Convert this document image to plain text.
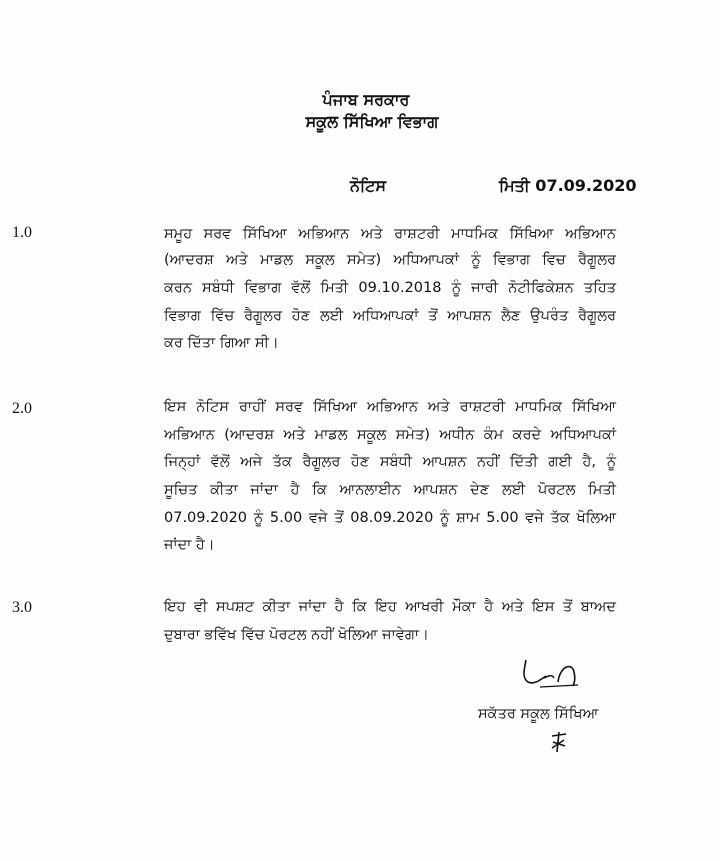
ਪੰਜਾਬ ਸਰਕਾਰ
ਸਕੂਲ ਸਿੱਖਿਆ ਵਿਭਾਗ
ਨੋਟਿਸ	ਮਿਤੀ 07.09.2020
1.0	ਸਮੂਹ ਸਰਵ ਸਿੱਖਿਆ ਅਭਿਆਨ ਅਤੇ ਰਾਸ਼ਟਰੀ ਮਾਧਮਿਕ ਸਿੱਖਿਆ ਅਭਿਆਨ
(ਆਦਰਸ਼ ਅਤੇ ਮਾਡਲ ਸਕੂਲ ਸਮੇਤ) ਅਧਿਆਪਕਾਂ ਨੂੰ ਵਿਭਾਗ ਵਿਚ ਰੈਗੂਲਰ
ਕਰਨ ਸਬੰਧੀ ਵਿਭਾਗ ਵੱਲੋਂ ਮਿਤੀ 09.10.2018 ਨੂੰ ਜਾਰੀ ਨੋਟੀਫਿਕੇਸ਼ਨ ਤਹਿਤ
ਵਿਭਾਗ ਵਿੱਚ ਰੈਗੂਲਰ ਹੋਣ ਲਈ ਅਧਿਆਪਕਾਂ ਤੋਂ ਆਪਸ਼ਨ ਲੈਣ ਉਪਰੰਤ ਰੈਗੂਲਰ
ਕਰ ਦਿੱਤਾ ਗਿਆ ਸੀ।
2.0	ਇਸ ਨੋਟਿਸ ਰਾਹੀਂ ਸਰਵ ਸਿੱਖਿਆ ਅਭਿਆਨ ਅਤੇ ਰਾਸ਼ਟਰੀ ਮਾਧਮਿਕ ਸਿੱਖਿਆ
ਅਭਿਆਨ (ਆਦਰਸ਼ ਅਤੇ ਮਾਡਲ ਸਕੂਲ ਸਮੇਤ) ਅਧੀਨ ਕੰਮ ਕਰਦੇ ਅਧਿਆਪਕਾਂ
ਜਿਨ੍ਹਾਂ ਵੱਲੋਂ ਅਜੇ ਤੱਕ ਰੈਗੂਲਰ ਹੋਣ ਸਬੰਧੀ ਆਪਸ਼ਨ ਨਹੀਂ ਦਿੱਤੀ ਗਈ ਹੈ, ਨੂੰ
ਸੂਚਿਤ ਕੀਤਾ ਜਾਂਦਾ ਹੈ ਕਿ ਆਨਲਾਈਨ ਆਪਸ਼ਨ ਦੇਣ ਲਈ ਪੋਰਟਲ ਮਿਤੀ
07.09.2020 ਨੂੰ 5.00 ਵਜੇ ਤੋਂ 08.09.2020 ਨੂੰ ਸ਼ਾਮ 5.00 ਵਜੇ ਤੱਕ ਖੋਲਿਆ
ਜਾਂਦਾ ਹੈ।
3.0	ਇਹ ਵੀ ਸਪਸ਼ਟ ਕੀਤਾ ਜਾਂਦਾ ਹੈ ਕਿ ਇਹ ਆਖਰੀ ਮੌਕਾ ਹੈ ਅਤੇ ਇਸ ਤੋਂ ਬਾਅਦ
ਦੁਬਾਰਾ ਭਵਿੱਖ ਵਿੱਚ ਪੋਰਟਲ ਨਹੀਂ ਖੋਲਿਆ ਜਾਵੇਗਾ।
ਸਕੱਤਰ ਸਕੂਲ ਸਿੱਖਿਆ
